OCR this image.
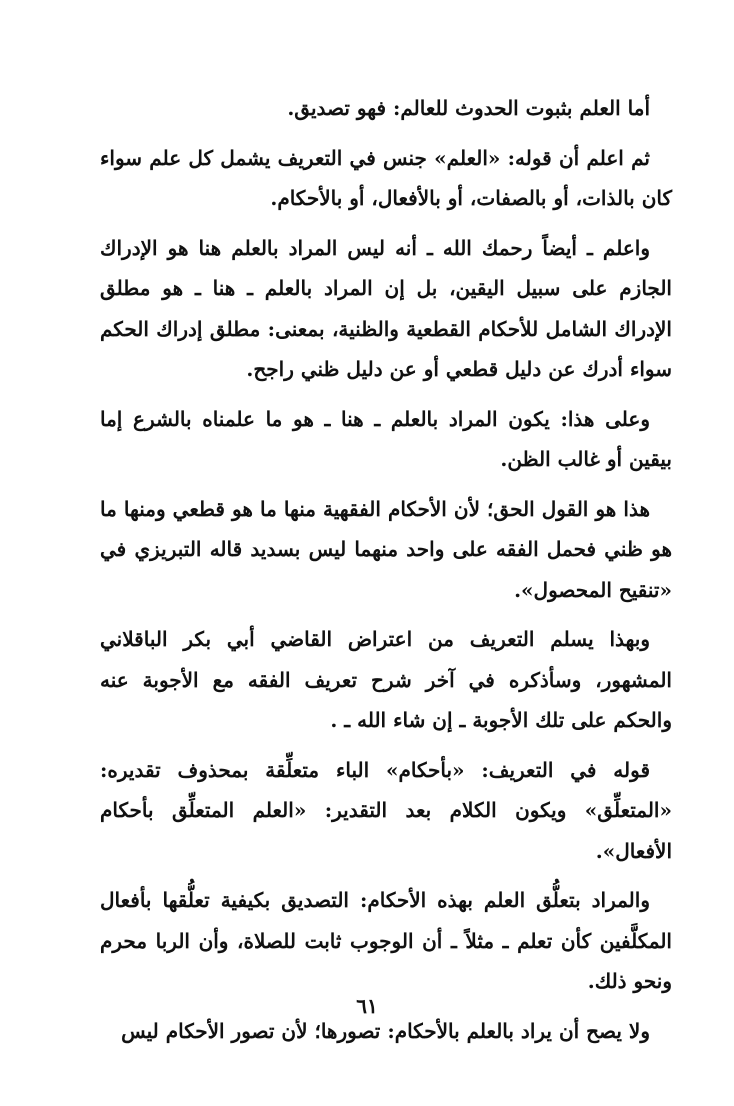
أما العلم بثبوت الحدوث للعالم: فهو تصديق.

ثم اعلم أن قوله: «العلم» جنس في التعريف يشمل كل علم سواء كان بالذات، أو بالصفات، أو بالأفعال، أو بالأحكام.

واعلم ـ أيضاً رحمك الله ـ أنه ليس المراد بالعلم هنا هو الإدراك الجازم على سبيل اليقين، بل إن المراد بالعلم ـ هنا ـ هو مطلق الإدراك الشامل للأحكام القطعية والظنية، بمعنى: مطلق إدراك الحكم سواء أدرك عن دليل قطعي أو عن دليل ظني راجح.

وعلى هذا: يكون المراد بالعلم ـ هنا ـ هو ما علمناه بالشرع إما بيقين أو غالب الظن.

هذا هو القول الحق؛ لأن الأحكام الفقهية منها ما هو قطعي ومنها ما هو ظني فحمل الفقه على واحد منهما ليس بسديد قاله التبريزي في «تنقيح المحصول».

وبهذا يسلم التعريف من اعتراض القاضي أبي بكر الباقلاني المشهور، وسأذكره في آخر شرح تعريف الفقه مع الأجوبة عنه والحكم على تلك الأجوبة ـ إن شاء الله ـ .

قوله في التعريف: «بأحكام» الباء متعلِّقة بمحذوف تقديره: «المتعلِّق» ويكون الكلام بعد التقدير: «العلم المتعلِّق بأحكام الأفعال».

والمراد بتعلُّق العلم بهذه الأحكام: التصديق بكيفية تعلُّقها بأفعال المكلَّفين كأن تعلم ـ مثلاً ـ أن الوجوب ثابت للصلاة، وأن الربا محرم ونحو ذلك.

ولا يصح أن يراد بالعلم بالأحكام: تصورها؛ لأن تصور الأحكام ليس

٦١
